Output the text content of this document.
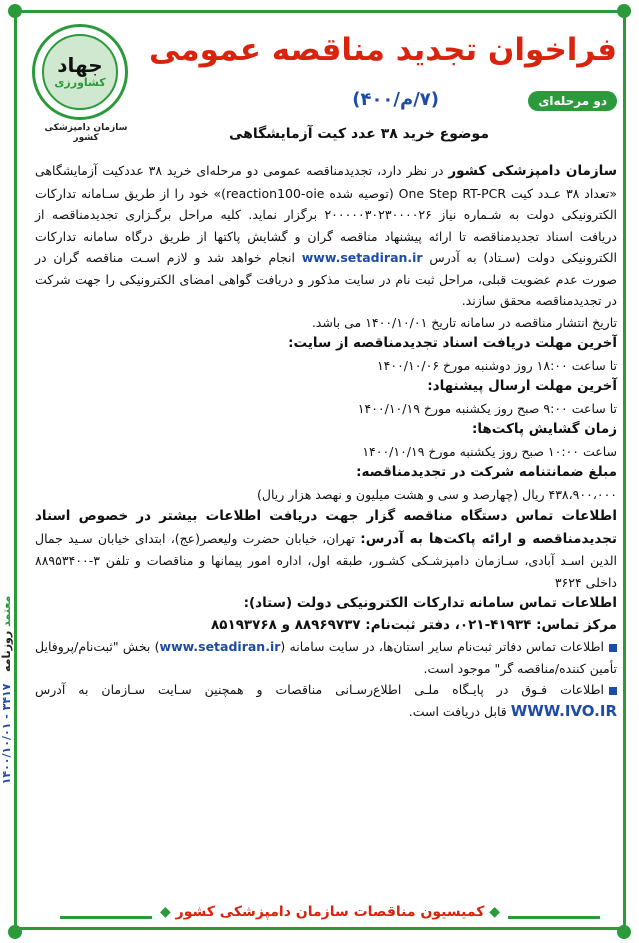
۱۴۰۰/۱۰/۰۱ - ۳۴۱۷   معتمد روزنامه
جهاد
کشاورزی
سازمان دامپزشکی کشور
فراخوان تجدید مناقصه عمومی
دو مرحله‌ای
(۷/م/۴۰۰)
موضوع خرید ۳۸ عدد کیت آزمایشگاهی

سازمان دامپزشکی کشور در نظر دارد، تجدیدمناقصه عمومی دو مرحله‌ای خرید ۳۸ عددکیت آزمایشگاهی «تعداد ۳۸ عـدد کیت One Step RT-PCR (توصیه شده reaction100-oie)» خود را از طریق سـامانه تدارکات الکترونیکی دولت به شـماره نیاز ۲۰۰۰۰۰۳۰۲۳۰۰۰۰۲۶ برگزار نماید. کلیه مراحل برگـزاری تجدیدمناقصه از دریافت اسناد تجدیدمناقصه تا ارائه پیشنهاد مناقصه گران و گشایش پاکتها از طریق درگاه سامانه تدارکات الکترونیکی دولت (سـتاد) به آدرس www.setadiran.ir انجام خواهد شد و لازم اسـت مناقصه گران در صورت عدم عضویت قبلی، مراحل ثبت نام در سایت مذکور و دریافت گواهی امضای الکترونیکی را جهت شرکت در تجدیدمناقصه محقق سازند.

تاریخ انتشار مناقصه در سامانه تاریخ ۱۴۰۰/۱۰/۰۱ می باشد.

آخرین مهلت دریافت اسناد تجدیدمناقصه از سایت:

تا ساعت ۱۸:۰۰ روز دوشنبه مورخ ۱۴۰۰/۱۰/۰۶

آخرین مهلت ارسال پیشنهاد:

تا ساعت ۹:۰۰ صبح روز یکشنبه مورخ ۱۴۰۰/۱۰/۱۹

زمان گشایش پاکت‌ها:

ساعت ۱۰:۰۰ صبح روز یکشنبه مورخ ۱۴۰۰/۱۰/۱۹

مبلغ ضمانتنامه شرکت در تجدیدمناقصه:

۴۳۸،۹۰۰،۰۰۰ ریال (چهارصد و سی و هشت میلیون و نهصد هزار ریال)

اطلاعات تماس دستگاه مناقصه گزار جهت دریافت اطلاعات بیشتر در خصوص اسناد تجدیدمناقصه و ارائه پاکت‌ها به آدرس: تهران، خیابان حضرت ولیعصر(عج)، ابتدای خیابان سـید جمال الدین اسـد آبادی، سـازمان دامپزشـکی کشـور، طبقه اول، اداره امور پیمانها و مناقصات و تلفن ۳-۸۸۹۵۳۴۰۰ داخلی ۳۶۲۴

اطلاعات تماس سامانه تدارکات الکترونیکی دولت (ستاد):

مرکز تماس: ۴۱۹۳۴-۰۲۱، دفتر ثبت‌نام: ۸۸۹۶۹۷۳۷ و ۸۵۱۹۳۷۶۸

اطلاعات تماس دفاتر ثبت‌نام سایر استان‌ها، در سایت سامانه (www.setadiran.ir) بخش "ثبت‌نام/پروفایل تأمین کننده/مناقصه گر" موجود است.

اطلاعات فـوق در پایـگاه ملـی اطلاع‌رسـانی مناقصات و همچنین سـایت سـازمان به آدرس WWW.IVO.IR قابل دریافت است.

◆ کمیسیون مناقصات سازمان دامپزشکی کشور ◆
